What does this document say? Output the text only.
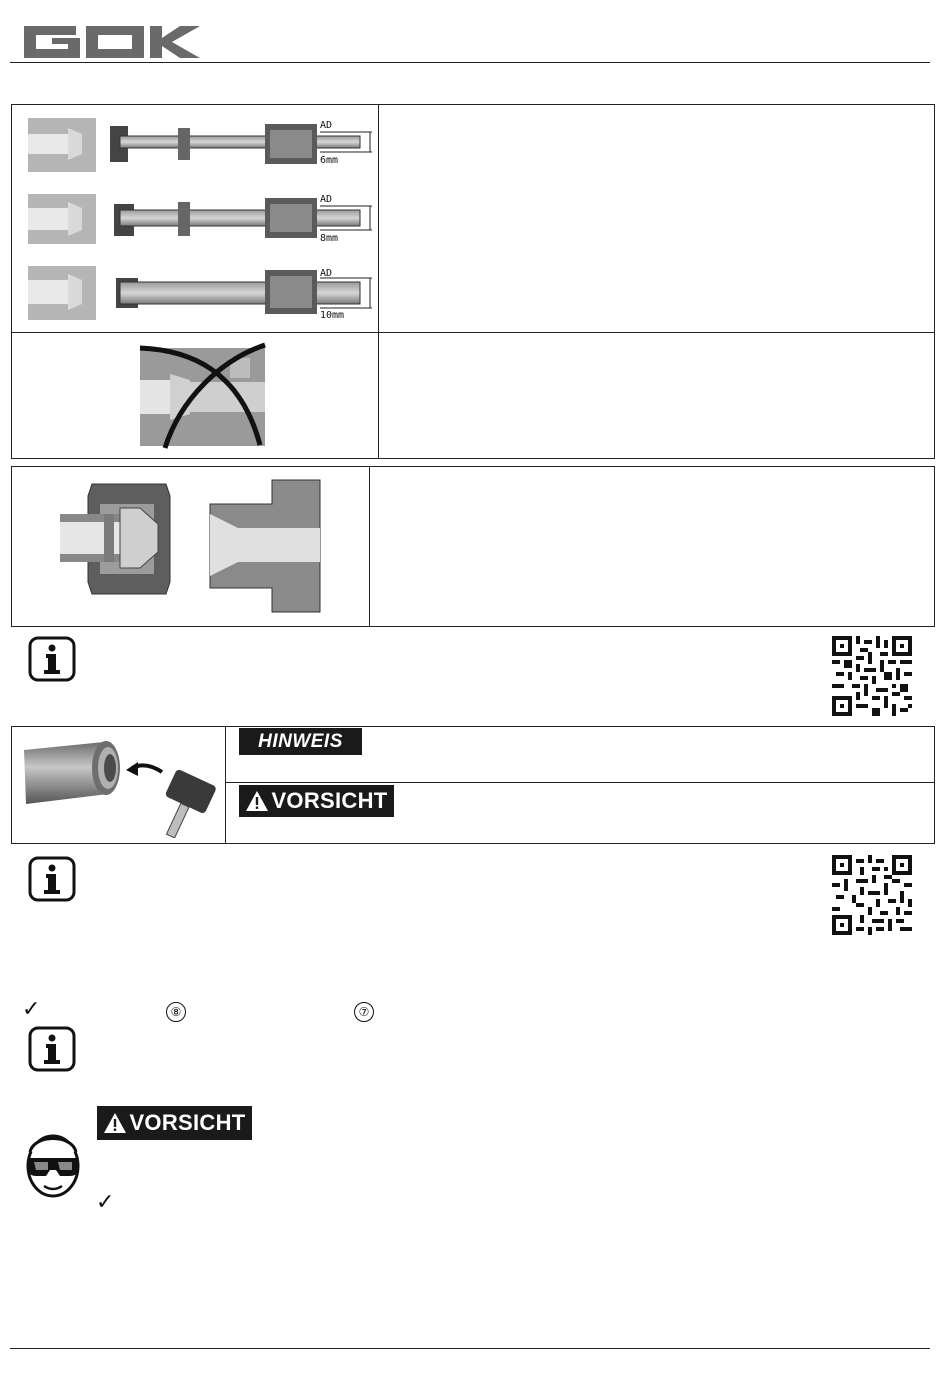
AD
6mm
AD
8mm
AD
10mm
HINWEIS
VORSICHT
✓	⑧	⑦
VORSICHT
✓
